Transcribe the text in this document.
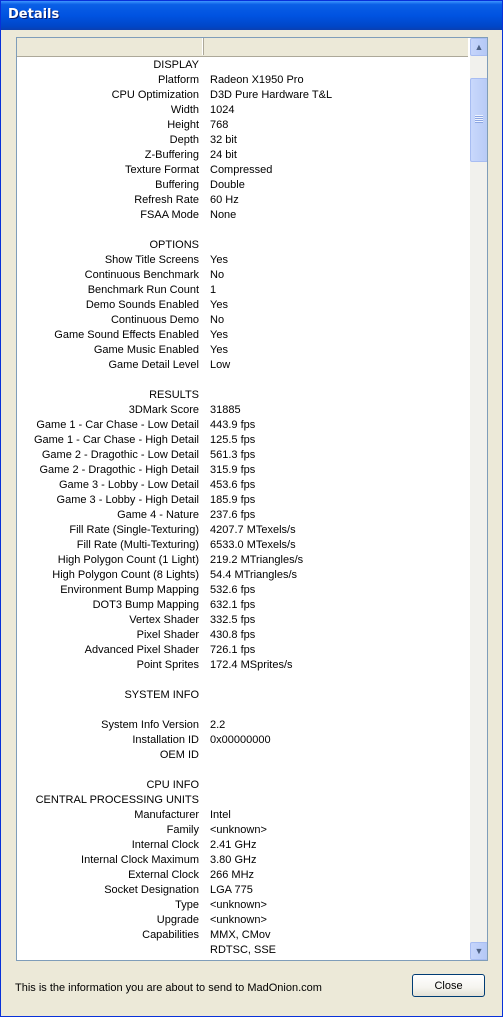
Details
DISPLAY
Platform Radeon X1950 Pro
CPU Optimization D3D Pure Hardware T&L
Width 1024
Height 768
Depth 32 bit
Z-Buffering 24 bit
Texture Format Compressed
Buffering Double
Refresh Rate 60 Hz
FSAA Mode None
OPTIONS
Show Title Screens Yes
Continuous Benchmark No
Benchmark Run Count 1
Demo Sounds Enabled Yes
Continuous Demo No
Game Sound Effects Enabled Yes
Game Music Enabled Yes
Game Detail Level Low
RESULTS
3DMark Score 31885
Game 1 - Car Chase - Low Detail 443.9 fps
Game 1 - Car Chase - High Detail 125.5 fps
Game 2 - Dragothic - Low Detail 561.3 fps
Game 2 - Dragothic - High Detail 315.9 fps
Game 3 - Lobby - Low Detail 453.6 fps
Game 3 - Lobby - High Detail 185.9 fps
Game 4 - Nature 237.6 fps
Fill Rate (Single-Texturing) 4207.7 MTexels/s
Fill Rate (Multi-Texturing) 6533.0 MTexels/s
High Polygon Count (1 Light) 219.2 MTriangles/s
High Polygon Count (8 Lights) 54.4 MTriangles/s
Environment Bump Mapping 532.6 fps
DOT3 Bump Mapping 632.1 fps
Vertex Shader 332.5 fps
Pixel Shader 430.8 fps
Advanced Pixel Shader 726.1 fps
Point Sprites 172.4 MSprites/s
SYSTEM INFO
System Info Version 2.2
Installation ID 0x00000000
OEM ID
CPU INFO
CENTRAL PROCESSING UNITS
Manufacturer Intel
Family <unknown>
Internal Clock 2.41 GHz
Internal Clock Maximum 3.80 GHz
External Clock 266 MHz
Socket Designation LGA 775
Type <unknown>
Upgrade <unknown>
Capabilities MMX, CMov
RDTSC, SSE
▲
▼
This is the information you are about to send to MadOnion.com	Close
